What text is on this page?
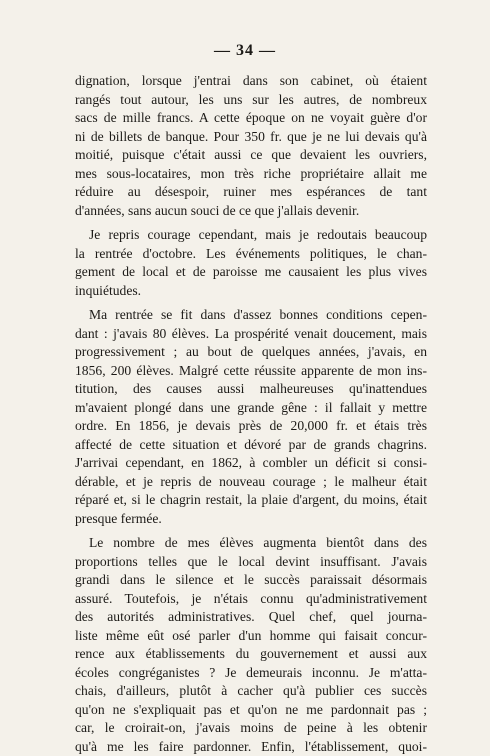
— 34 —
dignation, lorsque j'entrai dans son cabinet, où étaient
rangés tout autour, les uns sur les autres, de nombreux
sacs de mille francs. A cette époque on ne voyait guère d'or
ni de billets de banque. Pour 350 fr. que je ne lui devais qu'à
moitié, puisque c'était aussi ce que devaient les ouvriers,
mes sous-locataires, mon très riche propriétaire allait me
réduire au désespoir, ruiner mes espérances de tant
d'années, sans aucun souci de ce que j'allais devenir.
Je repris courage cependant, mais je redoutais beaucoup
la rentrée d'octobre. Les événements politiques, le chan-
gement de local et de paroisse me causaient les plus vives
inquiétudes.
Ma rentrée se fit dans d'assez bonnes conditions cepen-
dant : j'avais 80 élèves. La prospérité venait doucement, mais
progressivement ; au bout de quelques années, j'avais, en
1856, 200 élèves. Malgré cette réussite apparente de mon ins-
titution, des causes aussi malheureuses qu'inattendues
m'avaient plongé dans une grande gêne : il fallait y mettre
ordre. En 1856, je devais près de 20,000 fr. et étais très
affecté de cette situation et dévoré par de grands chagrins.
J'arrivai cependant, en 1862, à combler un déficit si consi-
dérable, et je repris de nouveau courage ; le malheur était
réparé et, si le chagrin restait, la plaie d'argent, du moins, était
presque fermée.
Le nombre de mes élèves augmenta bientôt dans des
proportions telles que le local devint insuffisant. J'avais
grandi dans le silence et le succès paraissait désormais
assuré. Toutefois, je n'étais connu qu'administrativement
des autorités administratives. Quel chef, quel journa-
liste même eût osé parler d'un homme qui faisait concur-
rence aux établissements du gouvernement et aussi aux
écoles congréganistes ? Je demeurais inconnu. Je m'atta-
chais, d'ailleurs, plutôt à cacher qu'à publier ces succès
qu'on ne s'expliquait pas et qu'on ne me pardonnait pas ;
car, le croirait-on, j'avais moins de peine à les obtenir
qu'à me les faire pardonner. Enfin, l'établissement, quoi-
